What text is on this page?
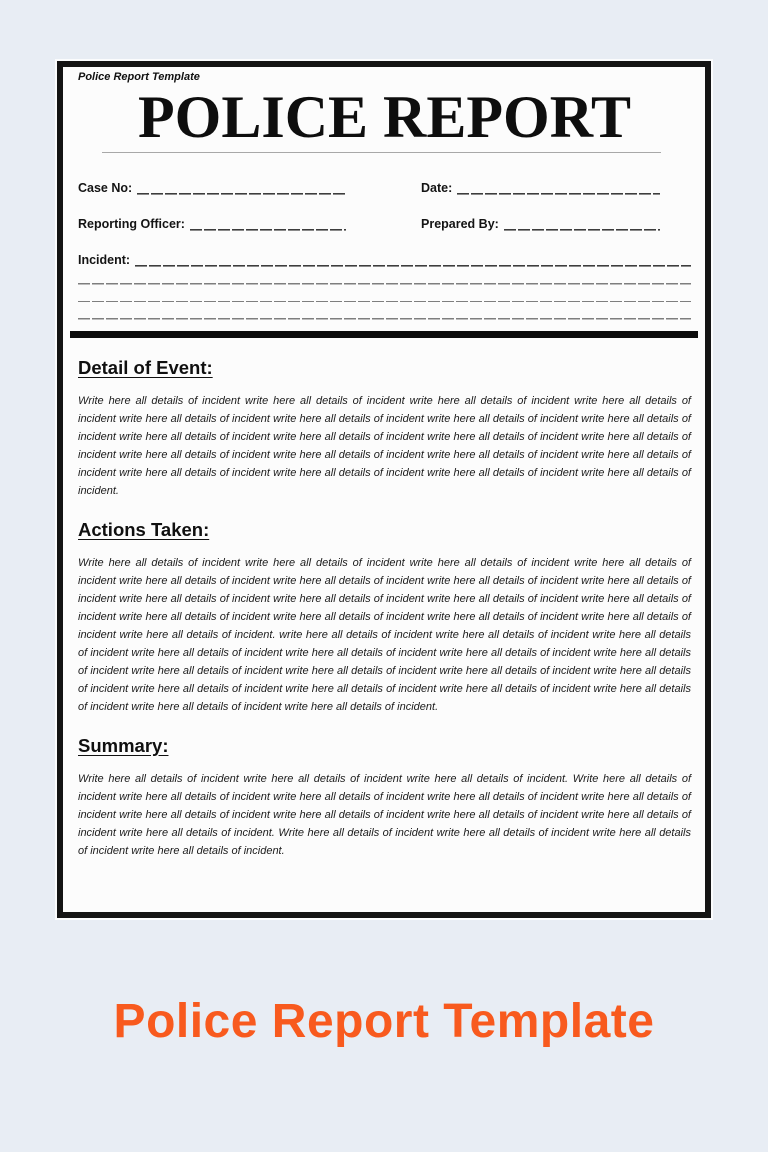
Police Report Template
POLICE REPORT
Case No:	Date:
Reporting Officer:	Prepared By:
Incident:
Detail of Event:

Write here all details of incident write here all details of incident write here all details of incident write here all details of incident write here all details of incident write here all details of incident write here all details of incident write here all details of incident write here all details of incident write here all details of incident write here all details of incident write here all details of incident write here all details of incident write here all details of incident write here all details of incident write here all details of incident write here all details of incident write here all details of incident write here all details of incident write here all details of incident.

Actions Taken:

Write here all details of incident write here all details of incident write here all details of incident write here all details of incident write here all details of incident write here all details of incident write here all details of incident write here all details of incident write here all details of incident write here all details of incident write here all details of incident write here all details of incident write here all details of incident write here all details of incident write here all details of incident write here all details of incident write here all details of incident. write here all details of incident write here all details of incident write here all details of incident write here all details of incident write here all details of incident write here all details of incident write here all details of incident write here all details of incident write here all details of incident write here all details of incident write here all details of incident write here all details of incident write here all details of incident write here all details of incident write here all details of incident write here all details of incident write here all details of incident.

Summary:

Write here all details of incident write here all details of incident write here all details of incident. Write here all details of incident write here all details of incident write here all details of incident write here all details of incident write here all details of incident write here all details of incident write here all details of incident write here all details of incident write here all details of incident write here all details of incident. Write here all details of incident write here all details of incident write here all details of incident write here all details of incident.

Police Report Template
